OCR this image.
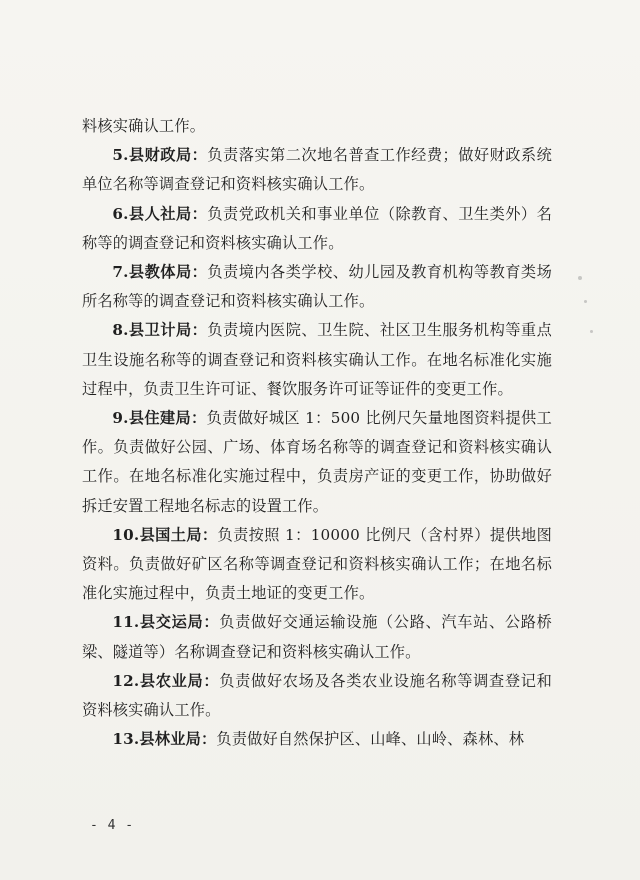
料核实确认工作。

5.县财政局：负责落实第二次地名普查工作经费；做好财政系统单位名称等调查登记和资料核实确认工作。

6.县人社局：负责党政机关和事业单位（除教育、卫生类外）名称等的调查登记和资料核实确认工作。

7.县教体局：负责境内各类学校、幼儿园及教育机构等教育类场所名称等的调查登记和资料核实确认工作。

8.县卫计局：负责境内医院、卫生院、社区卫生服务机构等重点卫生设施名称等的调查登记和资料核实确认工作。在地名标准化实施过程中，负责卫生许可证、餐饮服务许可证等证件的变更工作。

9.县住建局：负责做好城区 1：500 比例尺矢量地图资料提供工作。负责做好公园、广场、体育场名称等的调查登记和资料核实确认工作。在地名标准化实施过程中，负责房产证的变更工作，协助做好拆迁安置工程地名标志的设置工作。

10.县国土局：负责按照 1：10000 比例尺（含村界）提供地图资料。负责做好矿区名称等调查登记和资料核实确认工作；在地名标准化实施过程中，负责土地证的变更工作。

11.县交运局：负责做好交通运输设施（公路、汽车站、公路桥梁、隧道等）名称调查登记和资料核实确认工作。

12.县农业局：负责做好农场及各类农业设施名称等调查登记和资料核实确认工作。

13.县林业局：负责做好自然保护区、山峰、山岭、森林、林

- 4 -
